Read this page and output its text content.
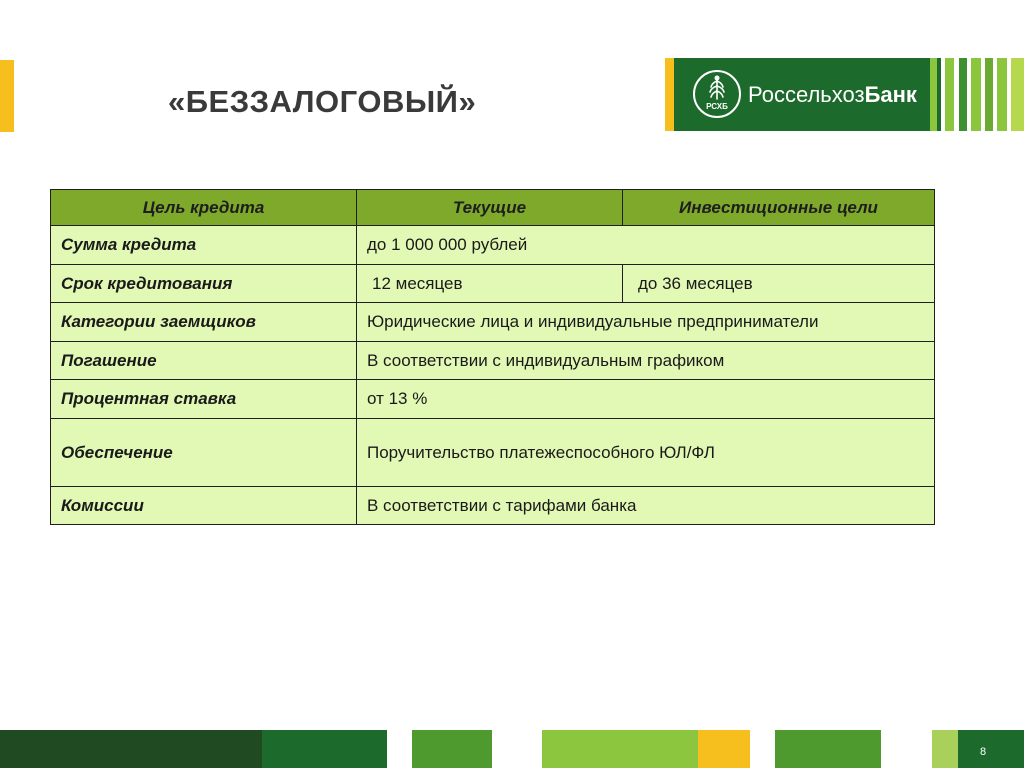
«БЕЗЗАЛОГОВЫЙ»	РСХБ РоссельхозБанк
Цель кредита	Текущие	Инвестиционные цели
Сумма кредита	до 1 000 000 рублей	
Срок кредитования	12 месяцев	до 36 месяцев
Категории заемщиков	Юридические лица и индивидуальные предприниматели	
Погашение	В соответствии с индивидуальным графиком	
Процентная ставка	от 13 %	
Обеспечение	Поручительство платежеспособного ЮЛ/ФЛ	
Комиссии	В соответствии с тарифами банка	
8
